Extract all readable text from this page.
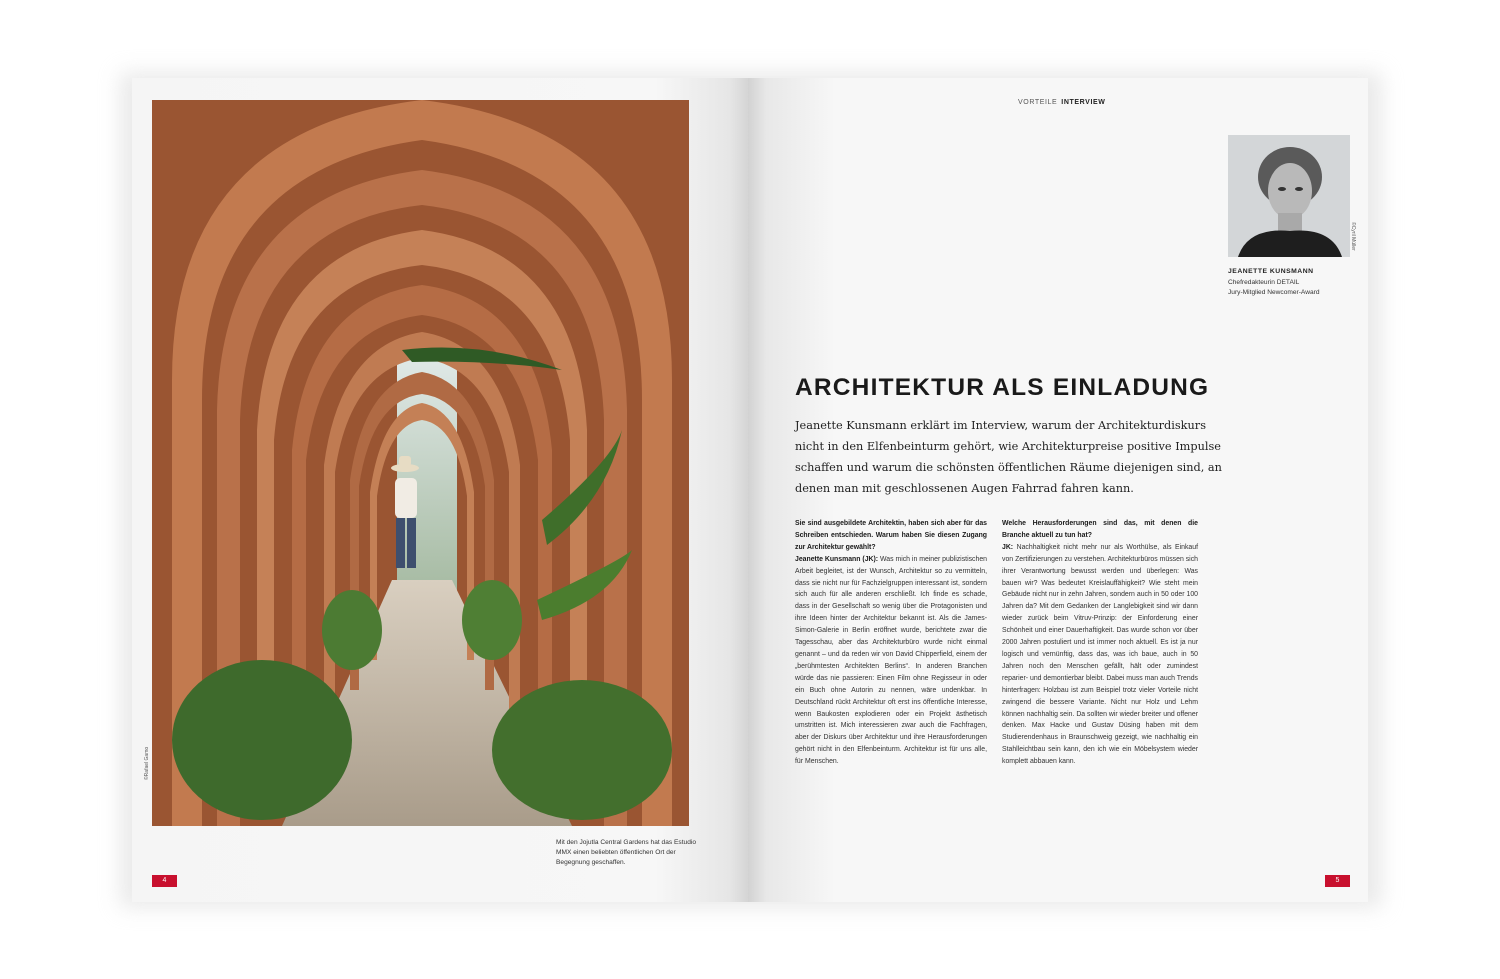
©Rafael Gamo
Mit den Jojutla Central Gardens hat das Estudio MMX einen beliebten öffentlichen Ort der Begegnung geschaffen.
4
VORTEILE INTERVIEW
©Cyril Müller
JEANETTE KUNSMANN
Chefredakteurin DETAIL
Jury-Mitglied Newcomer-Award
ARCHITEKTUR ALS EINLADUNG
Jeanette Kunsmann erklärt im Interview, warum der Architekturdiskurs nicht in den Elfenbeinturm gehört, wie Architekturpreise positive Impulse schaffen und warum die schönsten öffentlichen Räume diejenigen sind, an denen man mit geschlossenen Augen Fahrrad fahren kann.
Sie sind ausgebildete Architektin, haben sich aber für das Schreiben entschieden. Warum haben Sie diesen Zugang zur Architektur gewählt?
Jeanette Kunsmann (JK): Was mich in meiner publizistischen Arbeit begleitet, ist der Wunsch, Architektur so zu vermitteln, dass sie nicht nur für Fachzielgruppen interessant ist, sondern sich auch für alle anderen erschließt. Ich finde es schade, dass in der Gesellschaft so wenig über die Protagonisten und ihre Ideen hinter der Architektur bekannt ist. Als die James-Simon-Galerie in Berlin eröffnet wurde, berichtete zwar die Tagesschau, aber das Architekturbüro wurde nicht einmal genannt – und da reden wir von David Chipperfield, einem der „berühmtesten Architekten Berlins“. In anderen Branchen würde das nie passieren: Einen Film ohne Regisseur in oder ein Buch ohne Autorin zu nennen, wäre undenkbar. In Deutschland rückt Architektur oft erst ins öffentliche Interesse, wenn Baukosten explodieren oder ein Projekt ästhetisch umstritten ist. Mich interessieren zwar auch die Fachfragen, aber der Diskurs über Architektur und ihre Herausforderungen gehört nicht in den Elfenbeinturm. Architektur ist für uns alle, für Menschen.
Welche Herausforderungen sind das, mit denen die Branche aktuell zu tun hat?
JK: Nachhaltigkeit nicht mehr nur als Worthülse, als Einkauf von Zertifizierungen zu verstehen. Architekturbüros müssen sich ihrer Verantwortung bewusst werden und überlegen: Was bauen wir? Was bedeutet Kreislauffähigkeit? Wie steht mein Gebäude nicht nur in zehn Jahren, sondern auch in 50 oder 100 Jahren da? Mit dem Gedanken der Langlebigkeit sind wir dann wieder zurück beim Vitruv-Prinzip: der Einforderung einer Schönheit und einer Dauerhaftigkeit. Das wurde schon vor über 2000 Jahren postuliert und ist immer noch aktuell. Es ist ja nur logisch und vernünftig, dass das, was ich baue, auch in 50 Jahren noch den Menschen gefällt, hält oder zumindest reparier- und demontierbar bleibt. Dabei muss man auch Trends hinterfragen: Holzbau ist zum Beispiel trotz vieler Vorteile nicht zwingend die bessere Variante. Nicht nur Holz und Lehm können nachhaltig sein. Da sollten wir wieder breiter und offener denken. Max Hacke und Gustav Düsing haben mit dem Studierendenhaus in Braunschweig gezeigt, wie nachhaltig ein Stahlleichtbau sein kann, den ich wie ein Möbelsystem wieder komplett abbauen kann.
5
